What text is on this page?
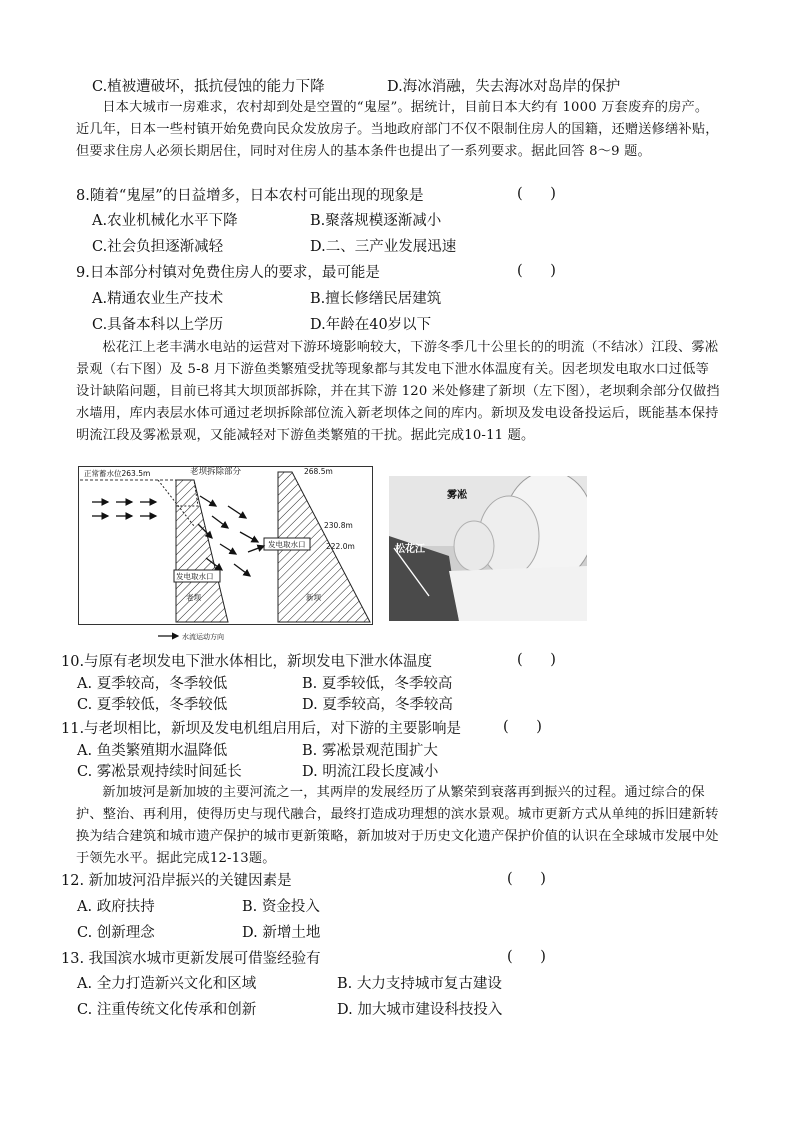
C.植被遭破坏，抵抗侵蚀的能力下降	D.海冰消融，失去海冰对岛岸的保护
日本大城市一房难求，农村却到处是空置的“鬼屋”。据统计，目前日本大约有 1000 万套废弃的房产。近几年，日本一些村镇开始免费向民众发放房子。当地政府部门不仅不限制住房人的国籍，还赠送修缮补贴，但要求住房人必须长期居住，同时对住房人的基本条件也提出了一系列要求。据此回答 8～9 题。
8.随着“鬼屋”的日益增多，日本农村可能出现的现象是	(      )
A.农业机械化水平下降	B.聚落规模逐渐减小
C.社会负担逐渐减轻	D.二、三产业发展迅速
9.日本部分村镇对免费住房人的要求，最可能是	(      )
A.精通农业生产技术	B.擅长修缮民居建筑
C.具备本科以上学历	D.年龄在40岁以下
松花江上老丰满水电站的运营对下游环境影响较大，下游冬季几十公里长的的明流（不结冰）江段、雾凇景观（右下图）及 5-8 月下游鱼类繁殖受扰等现象都与其发电下泄水体温度有关。因老坝发电取水口过低等设计缺陷问题，目前已将其大坝顶部拆除，并在其下游 120 米处修建了新坝（左下图），老坝剩余部分仅做挡水墙用，库内表层水体可通过老坝拆除部位流入新老坝体之间的库内。新坝及发电设备投运后，既能基本保持明流江段及雾凇景观，又能减轻对下游鱼类繁殖的干扰。据此完成10-11 题。
正常蓄水位263.5m	老坝拆除部分	268.5m
230.8m
222.0m
发电取水口
发电取水口
老坝	新坝
水流运动方向
雾凇
松花江
10.与原有老坝发电下泄水体相比，新坝发电下泄水体温度	(      )
A. 夏季较高，冬季较低	B. 夏季较低，冬季较高
C. 夏季较低，冬季较低	D. 夏季较高，冬季较高
11.与老坝相比，新坝及发电机组启用后，对下游的主要影响是	(      )
A. 鱼类繁殖期水温降低	B. 雾凇景观范围扩大
C. 雾凇景观持续时间延长	D. 明流江段长度减小
新加坡河是新加坡的主要河流之一，其两岸的发展经历了从繁荣到衰落再到振兴的过程。通过综合的保护、整治、再利用，使得历史与现代融合，最终打造成功理想的滨水景观。城市更新方式从单纯的拆旧建新转换为结合建筑和城市遗产保护的城市更新策略，新加坡对于历史文化遗产保护价值的认识在全球城市发展中处于领先水平。据此完成12-13题。
12. 新加坡河沿岸振兴的关键因素是	(      )
A. 政府扶持	B. 资金投入
C. 创新理念	D. 新增土地
13. 我国滨水城市更新发展可借鉴经验有	(      )
A. 全力打造新兴文化和区域	B. 大力支持城市复古建设
C. 注重传统文化传承和创新	D. 加大城市建设科技投入
